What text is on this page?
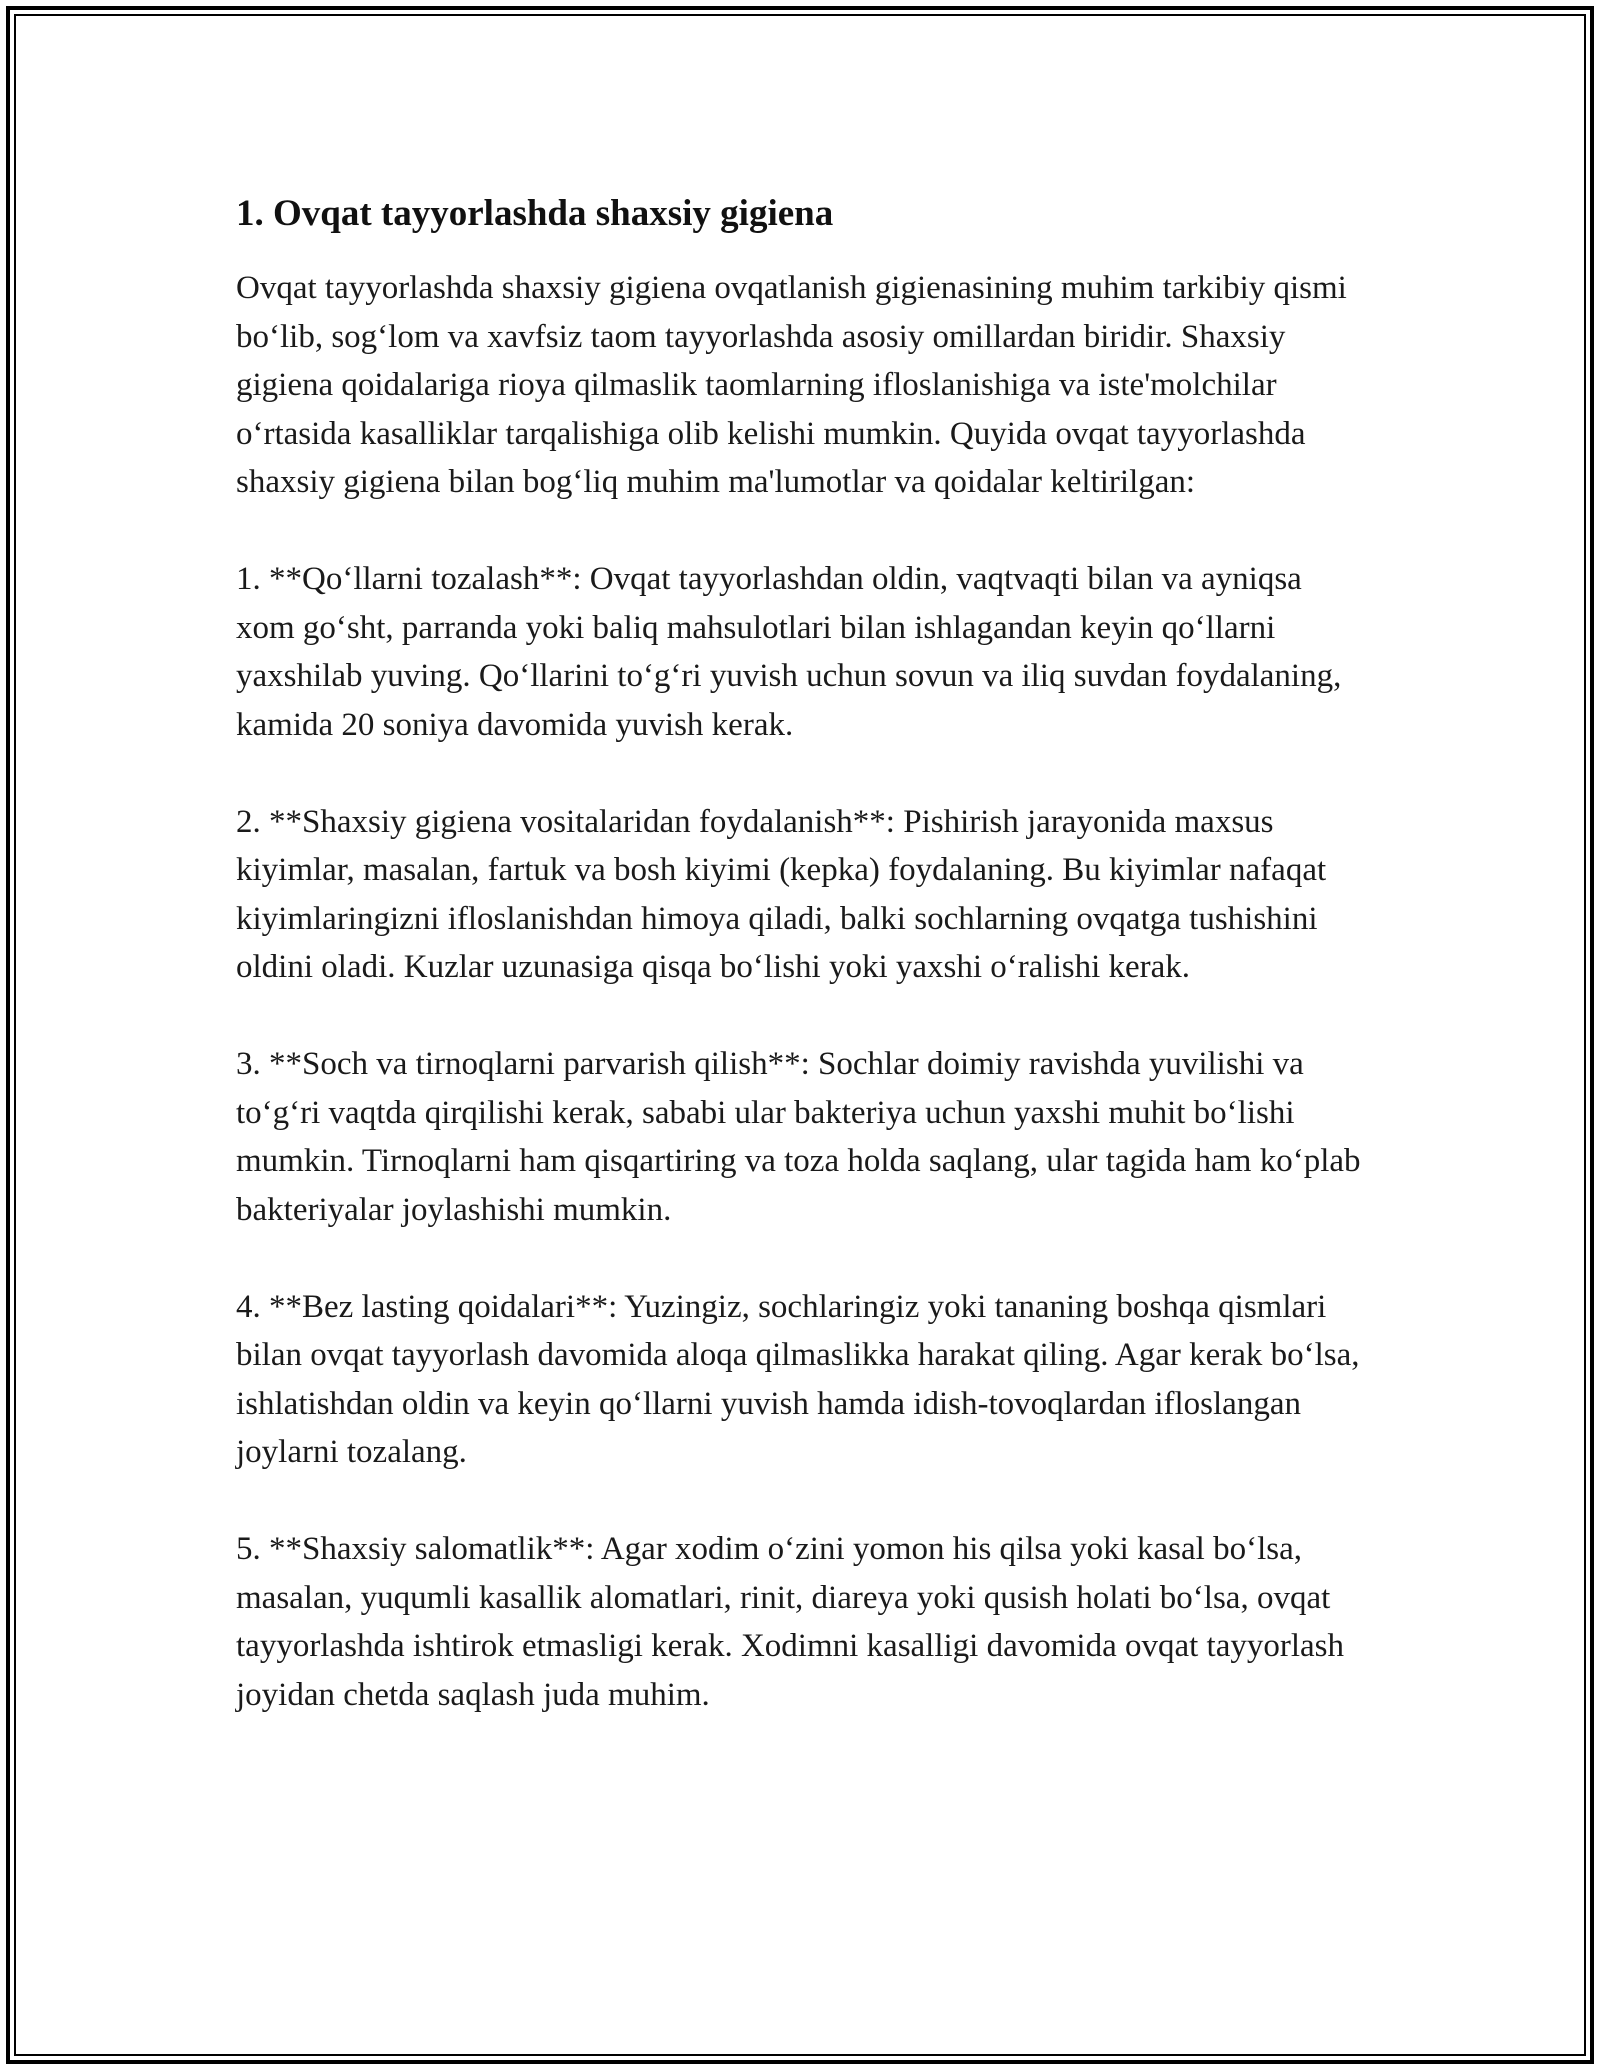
1. Ovqat tayyorlashda shaxsiy gigiena

Ovqat tayyorlashda shaxsiy gigiena ovqatlanish gigienasining muhim tarkibiy qismi bo‘lib, sog‘lom va xavfsiz taom tayyorlashda asosiy omillardan biridir. Shaxsiy gigiena qoidalariga rioya qilmaslik taomlarning ifloslanishiga va iste'molchilar o‘rtasida kasalliklar tarqalishiga olib kelishi mumkin. Quyida ovqat tayyorlashda shaxsiy gigiena bilan bog‘liq muhim ma'lumotlar va qoidalar keltirilgan:

1. **Qo‘llarni tozalash**: Ovqat tayyorlashdan oldin, vaqtvaqti bilan va ayniqsa xom go‘sht, parranda yoki baliq mahsulotlari bilan ishlagandan keyin qo‘llarni yaxshilab yuving. Qo‘llarini to‘g‘ri yuvish uchun sovun va iliq suvdan foydalaning, kamida 20 soniya davomida yuvish kerak.

2. **Shaxsiy gigiena vositalaridan foydalanish**: Pishirish jarayonida maxsus kiyimlar, masalan, fartuk va bosh kiyimi (kepka) foydalaning. Bu kiyimlar nafaqat kiyimlaringizni ifloslanishdan himoya qiladi, balki sochlarning ovqatga tushishini oldini oladi. Kuzlar uzunasiga qisqa bo‘lishi yoki yaxshi o‘ralishi kerak.

3. **Soch va tirnoqlarni parvarish qilish**: Sochlar doimiy ravishda yuvilishi va to‘g‘ri vaqtda qirqilishi kerak, sababi ular bakteriya uchun yaxshi muhit bo‘lishi mumkin. Tirnoqlarni ham qisqartiring va toza holda saqlang, ular tagida ham ko‘plab bakteriyalar joylashishi mumkin.

4. **Bez lasting qoidalari**: Yuzingiz, sochlaringiz yoki tananing boshqa qismlari bilan ovqat tayyorlash davomida aloqa qilmaslikka harakat qiling. Agar kerak bo‘lsa, ishlatishdan oldin va keyin qo‘llarni yuvish hamda idish-tovoqlardan ifloslangan joylarni tozalang.

5. **Shaxsiy salomatlik**: Agar xodim o‘zini yomon his qilsa yoki kasal bo‘lsa, masalan, yuqumli kasallik alomatlari, rinit, diareya yoki qusish holati bo‘lsa, ovqat tayyorlashda ishtirok etmasligi kerak. Xodimni kasalligi davomida ovqat tayyorlash joyidan chetda saqlash juda muhim.
